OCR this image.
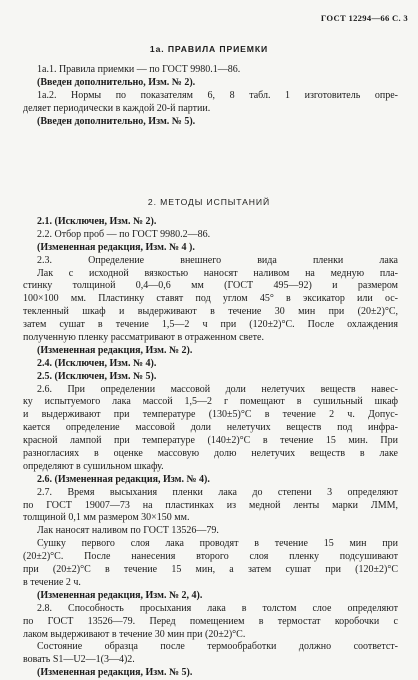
ГОСТ 12294—66 С. 3
1а. ПРАВИЛА ПРИЕМКИ
1а.1. Правила приемки — по ГОСТ 9980.1—86.
(Введен дополнительно, Изм. № 2).
1а.2. Нормы по показателям 6, 8 табл. 1 изготовитель опре-
деляет периодически в каждой 20-й партии.
(Введен дополнительно, Изм. № 5).
2. МЕТОДЫ ИСПЫТАНИЙ
2.1. (Исключен, Изм. № 2).
2.2. Отбор проб — по ГОСТ 9980.2—86.
(Измененная редакция, Изм. № 4 ).
2.3. Определение внешнего вида пленки лака
Лак с исходной вязкостью наносят наливом на медную пла-
стинку толщиной 0,4—0,6 мм (ГОСТ 495—92) и размером
100×100 мм. Пластинку ставят под углом 45° в эксикатор или ос-
текленный шкаф и выдерживают в течение 30 мин при (20±2)°С,
затем сушат в течение 1,5—2 ч при (120±2)°С. После охлаждения
полученную пленку рассматривают в отраженном свете.
(Измененная редакция, Изм. № 2).
2.4. (Исключен, Изм. № 4).
2.5. (Исключен, Изм. № 5).
2.6. При определении массовой доли нелетучих веществ навес-
ку испытуемого лака массой 1,5—2 г помещают в сушильный шкаф
и выдерживают при температуре (130±5)°С в течение 2 ч. Допус-
кается определение массовой доли нелетучих веществ под инфра-
красной лампой при температуре (140±2)°С в течение 15 мин. При
разногласиях в оценке массовую долю нелетучих веществ в лаке
определяют в сушильном шкафу.
2.6. (Измененная редакция, Изм. № 4).
2.7. Время высыхания пленки лака до степени 3 определяют
по ГОСТ 19007—73 на пластинках из медной ленты марки ЛММ,
толщиной 0,1 мм размером 30×150 мм.
Лак наносят наливом по ГОСТ 13526—79.
Сушку первого слоя лака проводят в течение 15 мин при
(20±2)°С. После нанесения второго слоя пленку подсушивают
при (20±2)°С в течение 15 мин, а затем сушат при (120±2)°С
в течение 2 ч.
(Измененная редакция, Изм. № 2, 4).
2.8. Способность просыхания лака в толстом слое определяют
по ГОСТ 13526—79. Перед помещением в термостат коробочки с
лаком выдерживают в течение 30 мин при (20±2)°С.
Состояние образца после термообработки должно соответст-
вовать S1—U2—1(3—4)2.
(Измененная редакция, Изм. № 5).
